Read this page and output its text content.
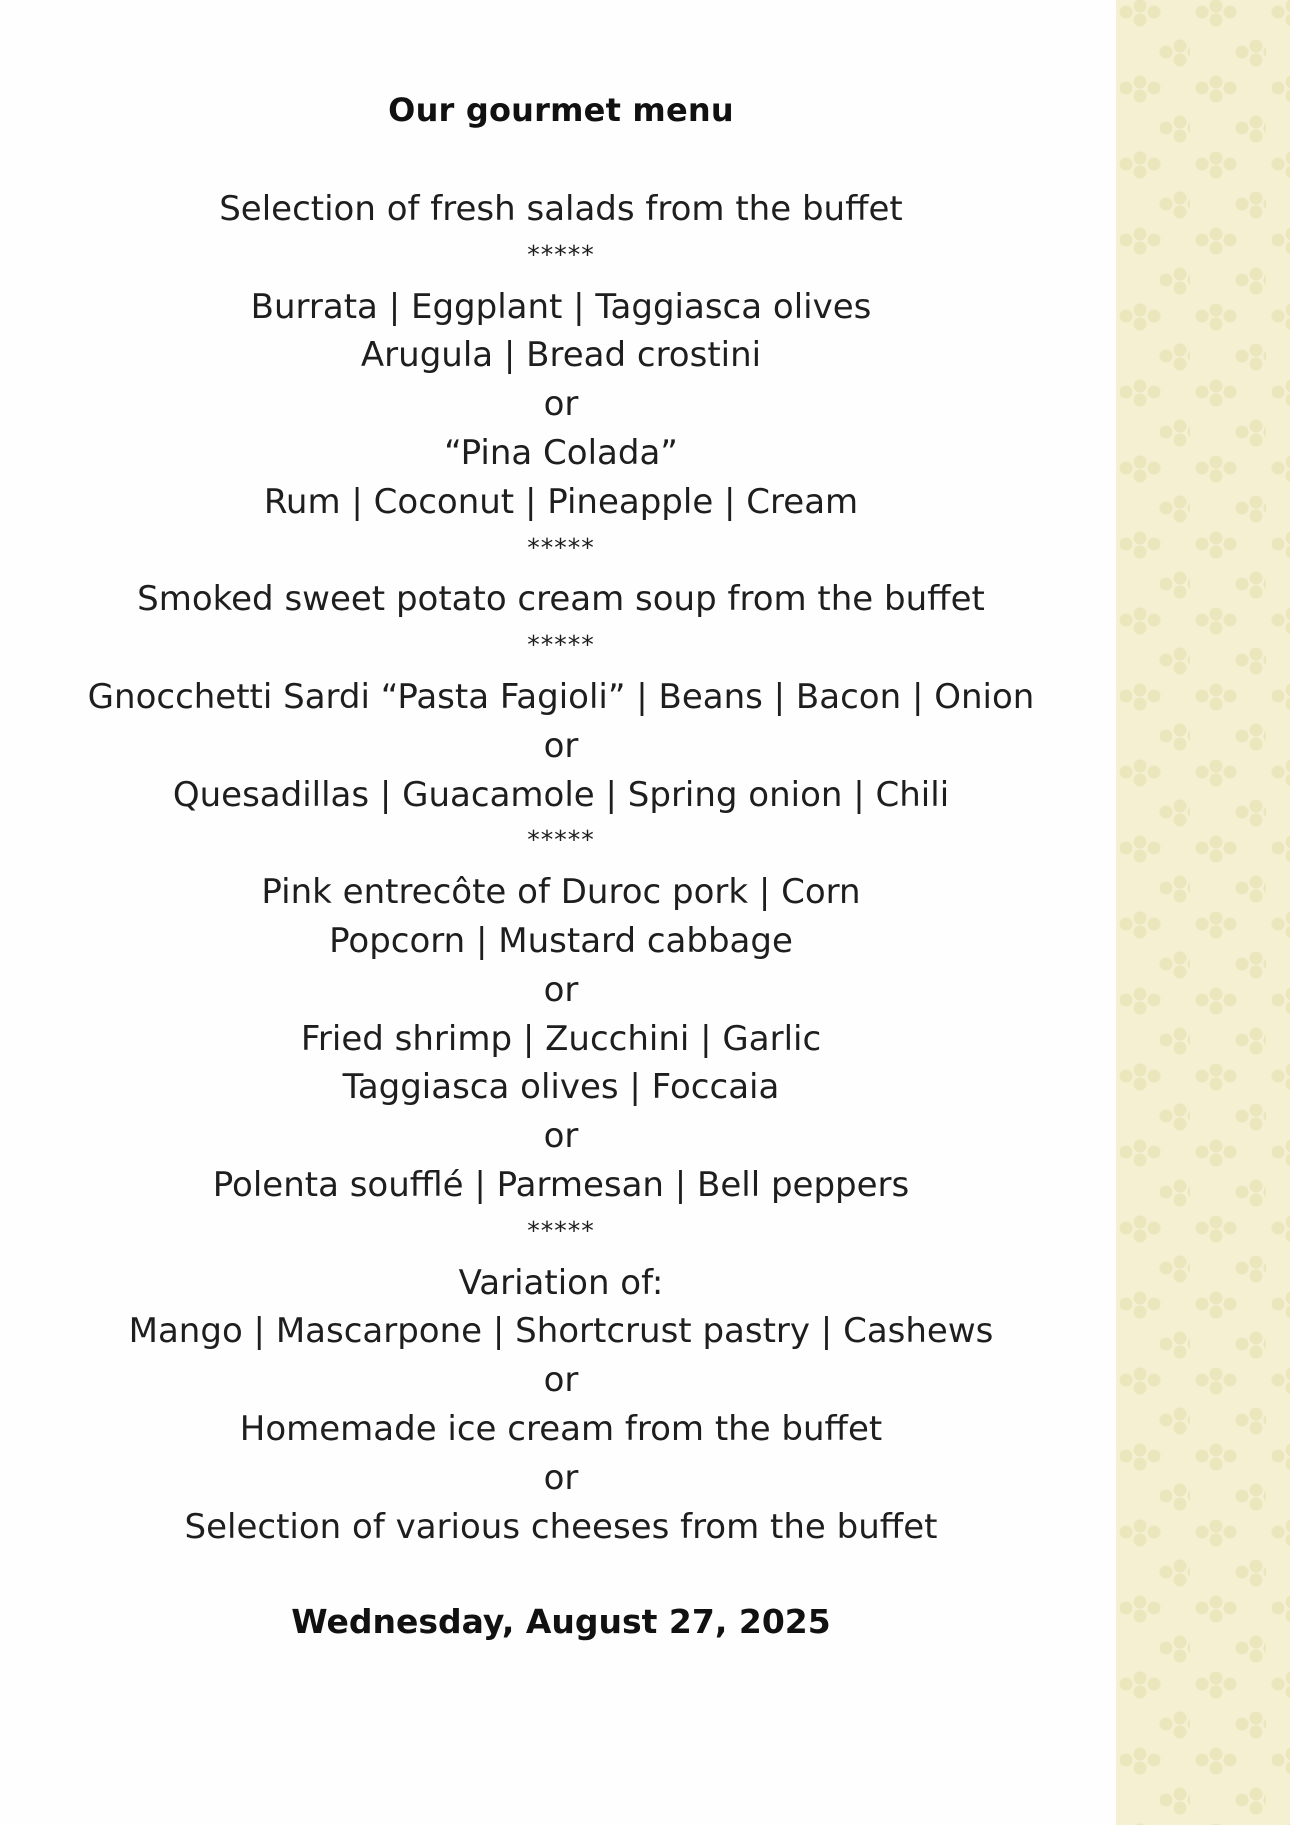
Our gourmet menu
Selection of fresh salads from the buffet
*****
Burrata | Eggplant | Taggiasca olives
Arugula | Bread crostini
or
“Pina Colada”
Rum | Coconut | Pineapple | Cream
*****
Smoked sweet potato cream soup from the buffet
*****
Gnocchetti Sardi “Pasta Fagioli” | Beans | Bacon | Onion
or
Quesadillas | Guacamole | Spring onion | Chili
*****
Pink entrecôte of Duroc pork | Corn
Popcorn | Mustard cabbage
or
Fried shrimp | Zucchini | Garlic
Taggiasca olives | Foccaia
or
Polenta soufflé | Parmesan | Bell peppers
*****
Variation of:
Mango | Mascarpone | Shortcrust pastry | Cashews
or
Homemade ice cream from the buffet
or
Selection of various cheeses from the buffet
Wednesday, August 27, 2025
